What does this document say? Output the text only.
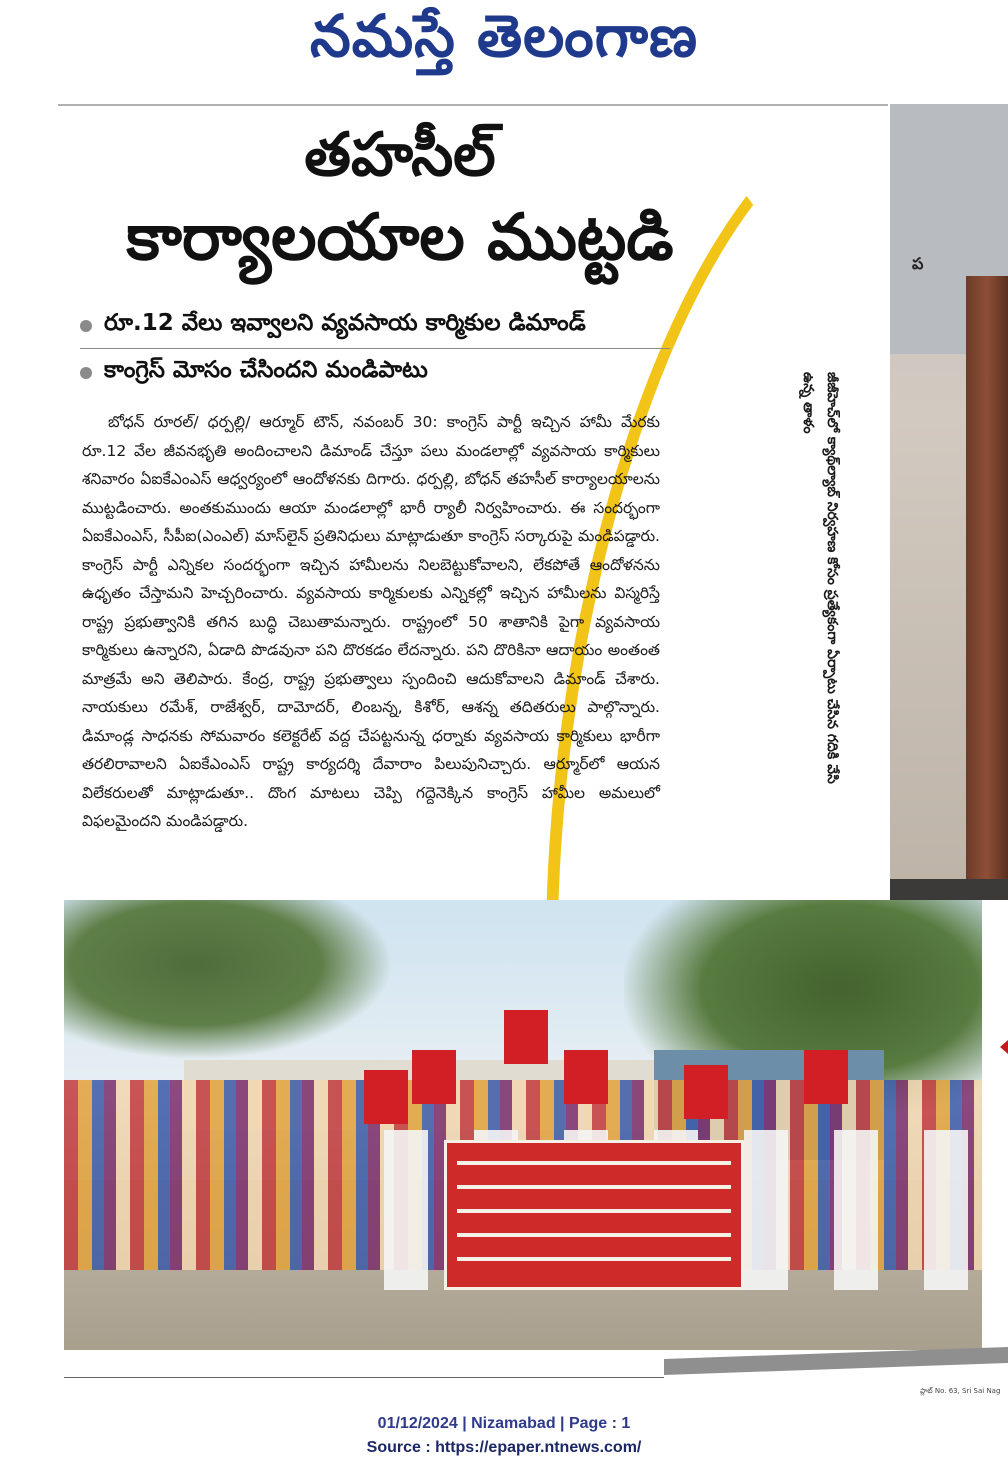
నమస్తే తెలంగాణ
ప
తహసీల్
కార్యాలయాల ముట్టడి
రూ.12 వేలు ఇవ్వాలని వ్యవసాయ కార్మికుల డిమాండ్
కాంగ్రెస్ మోసం చేసిందని మండిపాటు
బోధన్ రూరల్/ ధర్పల్లి/ ఆర్మూర్ టౌన్, నవంబర్ 30: కాంగ్రెస్ పార్టీ ఇచ్చిన హామీ మేరకు రూ.12 వేల జీవనభృతి అందించాలని డిమాండ్ చేస్తూ పలు మండలాల్లో వ్యవసాయ కార్మికులు శనివారం ఏఐకేఎంఎస్ ఆధ్వర్యంలో ఆందోళనకు దిగారు. ధర్పల్లి, బోధన్ తహసీల్ కార్యాలయాలను ముట్టడించారు. అంతకుముందు ఆయా మండలాల్లో భారీ ర్యాలీ నిర్వహించారు. ఈ సందర్భంగా ఏఐకేఎంఎస్, సీపీఐ(ఎంఎల్) మాస్‌లైన్ ప్రతినిధులు మాట్లాడుతూ కాంగ్రెస్ సర్కారుపై మండిపడ్డారు. కాంగ్రెస్ పార్టీ ఎన్నికల సందర్భంగా ఇచ్చిన హామీలను నిలబెట్టుకోవాలని, లేకపోతే ఆందోళనను ఉధృతం చేస్తామని హెచ్చరించారు. వ్యవసాయ కార్మికులకు ఎన్నికల్లో ఇచ్చిన హామీలను విస్మరిస్తే రాష్ట్ర ప్రభుత్వానికి తగిన బుద్ధి చెబుతామన్నారు. రాష్ట్రంలో 50 శాతానికి పైగా వ్యవసాయ కార్మికులు ఉన్నారని, ఏడాది పొడవునా పని దొరకడం లేదన్నారు. పని దొరికినా ఆదాయం అంతంత మాత్రమే అని తెలిపారు. కేంద్ర, రాష్ట్ర ప్రభుత్వాలు స్పందించి ఆదుకోవాలని డిమాండ్ చేశారు. నాయకులు రమేశ్, రాజేశ్వర్, దామోదర్, లింబన్న, కిశోర్, ఆశన్న తదితరులు పాల్గొన్నారు. డిమాండ్ల సాధనకు సోమవారం కలెక్టరేట్ వద్ద చేపట్టనున్న ధర్నాకు వ్యవసాయ కార్మికులు భారీగా తరలిరావాలని ఏఐకేఎంఎస్ రాష్ట్ర కార్యదర్శి దేవారాం పిలుపునిచ్చారు. ఆర్మూర్‌లో ఆయన విలేకరులతో మాట్లాడుతూ.. దొంగ మాటలు చెప్పి గద్దెనెక్కిన కాంగ్రెస్ హామీల అమలులో విఫలమైందని మండిపడ్డారు.
జీజీహెచ్‌లో క్యాథ్‌ల్యాబ్ నిర్వహణ కోసం ప్రత్యేకంగా ఏర్పాటు చేసిన గదికి వేసి ఉన్న తాళం
ప్లాట్ No. 63, Sri Sai Nag
01/12/2024 | Nizamabad | Page : 1
Source : https://epaper.ntnews.com/
